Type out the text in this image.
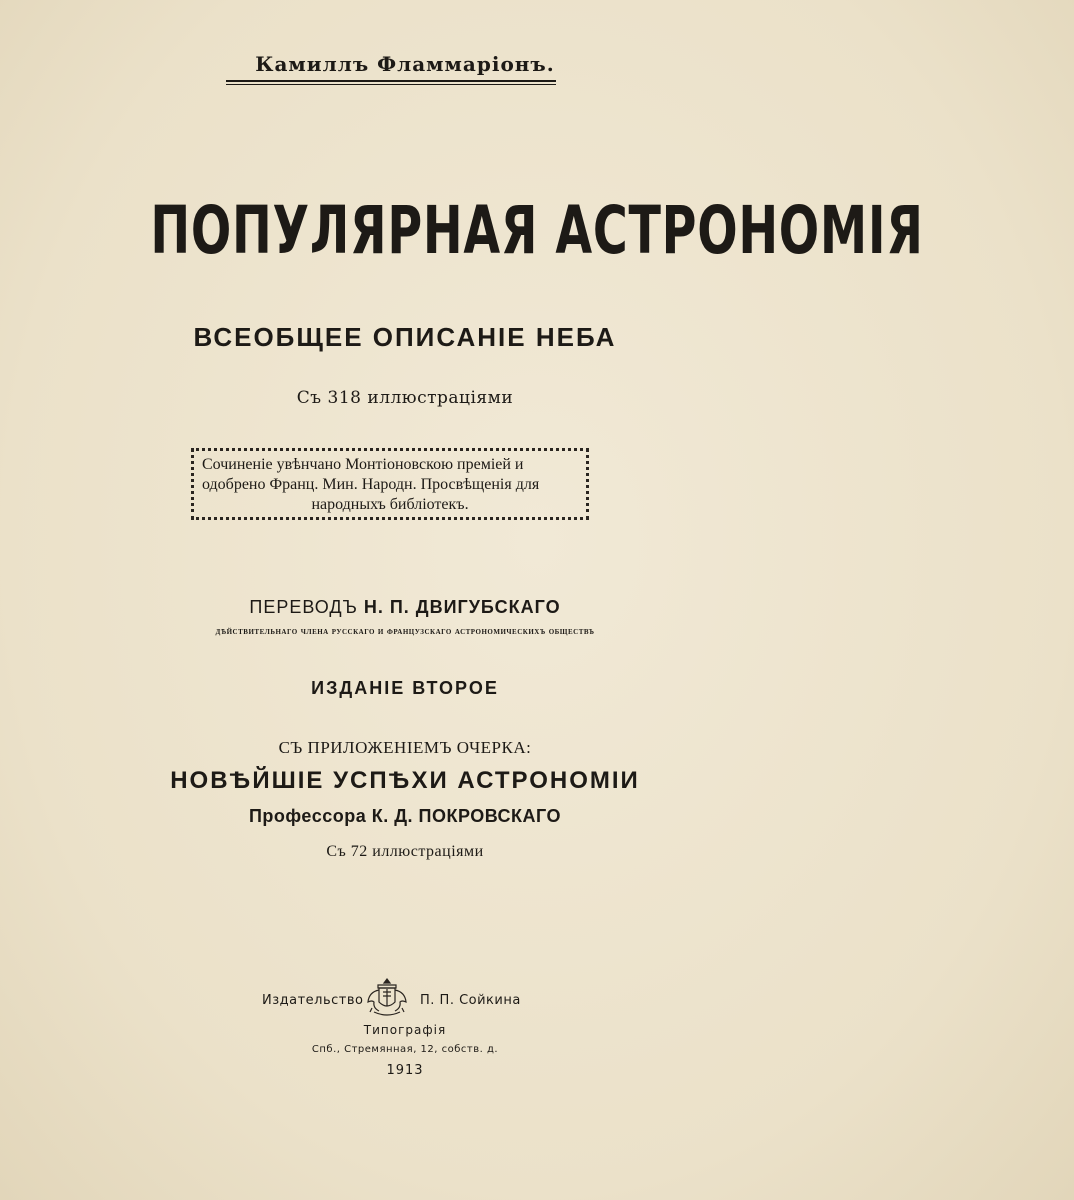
Камиллъ Фламмарiонъ.
ПОПУЛЯРНАЯ АСТРОНОМIЯ
ВСЕОБЩЕЕ ОПИСАНIЕ НЕБА
Съ 318 иллюстрацiями
Сочиненiе увѣнчано Монтiоновскою премiей и
одобрено Франц. Мин. Народн. Просвѣщенiя для

народныхъ библiотекъ.
ПЕРЕВОДЪ Н. П. ДВИГУБСКАГО
дѣйствительнаго члена русскаго и французскаго астрономическихъ обществъ
ИЗДАНIЕ ВТОРОЕ
СЪ ПРИЛОЖЕНIЕМЪ ОЧЕРКА:
НОВѢЙШIЕ УСПѢХИ АСТРОНОМIИ
Профессора К. Д. ПОКРОВСКАГО
Съ 72 иллюстрацiями
Издательство	П. П. Сойкина
Типографiя
Спб., Стремянная, 12, собств. д.
1913
